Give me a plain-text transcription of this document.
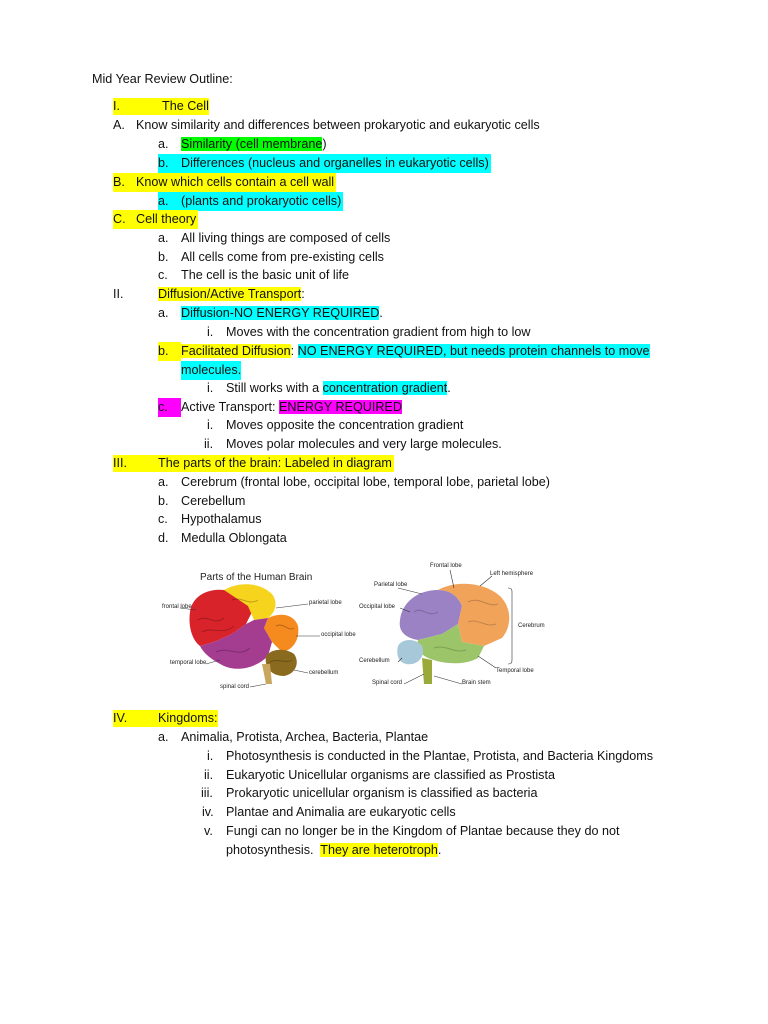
Mid Year Review Outline:
I.	The Cell
A. Know similarity and differences between prokaryotic and eukaryotic cells
a. Similarity (cell membrane)
b. Differences (nucleus and organelles in eukaryotic cells)
B. Know which cells contain a cell wall
a. (plants and prokaryotic cells)
C. Cell theory
a. All living things are composed of cells
b. All cells come from pre-existing cells
c. The cell is the basic unit of life
II.	Diffusion/Active Transport:
a. Diffusion-NO ENERGY REQUIRED.
i. Moves with the concentration gradient from high to low
b. Facilitated Diffusion: NO ENERGY REQUIRED, but needs protein channels to move
molecules.
i. Still works with a concentration gradient.
c.	Active Transport: ENERGY REQUIRED
i. Moves opposite the concentration gradient
ii. Moves polar molecules and very large molecules.
III. The parts of the brain: Labeled in diagram
a. Cerebrum (frontal lobe, occipital lobe, temporal lobe, parietal lobe)
b. Cerebellum
c. Hypothalamus
d. Medulla Oblongata
Parts of the Human Brain
frontal lobe
parietal lobe
occipital lobe
temporal lobe
cerebellum
spinal cord
Frontal lobe
Left hemisphere
Parietal lobe
Occipital lobe
Cerebrum
Cerebellum
Spinal cord
Temporal lobe
Brain stem
IV. Kingdoms:
a. Animalia, Protista, Archea, Bacteria, Plantae
i. Photosynthesis is conducted in the Plantae, Protista, and Bacteria Kingdoms
ii. Eukaryotic Unicellular organisms are classified as Prostista
iii. Prokaryotic unicellular organism is classified as bacteria
iv. Plantae and Animalia are eukaryotic cells
v. Fungi can no longer be in the Kingdom of Plantae because they do not
photosynthesis.  They are heterotroph.
